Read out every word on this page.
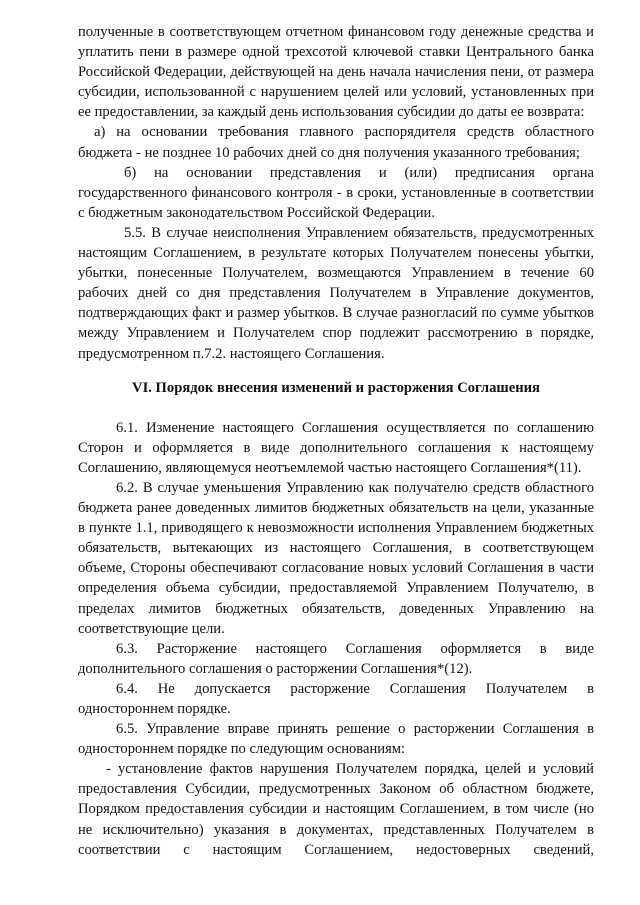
полученные в соответствующем отчетном финансовом году денежные средства и уплатить пени в размере одной трехсотой ключевой ставки Центрального банка Российской Федерации, действующей на день начала начисления пени, от размера субсидии, использованной с нарушением целей или условий, установленных при ее предоставлении, за каждый день использования субсидии до даты ее возврата:

а) на основании требования главного распорядителя средств областного бюджета - не позднее 10 рабочих дней со дня получения указанного требования;

б) на основании представления и (или) предписания органа государственного финансового контроля - в сроки, установленные в соответствии с бюджетным законодательством Российской Федерации.

5.5. В случае неисполнения Управлением обязательств, предусмотренных настоящим Соглашением, в результате которых Получателем понесены убытки, убытки, понесенные Получателем, возмещаются Управлением в течение 60 рабочих дней со дня представления Получателем в Управление документов, подтверждающих факт и размер убытков. В случае разногласий по сумме убытков между Управлением и Получателем спор подлежит рассмотрению в порядке, предусмотренном п.7.2. настоящего Соглашения.

VI. Порядок внесения изменений и расторжения Соглашения

6.1. Изменение настоящего Соглашения осуществляется по соглашению Сторон и оформляется в виде дополнительного соглашения к настоящему Соглашению, являющемуся неотъемлемой частью настоящего Соглашения*(11).

6.2. В случае уменьшения Управлению как получателю средств областного бюджета ранее доведенных лимитов бюджетных обязательств на цели, указанные в пункте 1.1, приводящего к невозможности исполнения Управлением бюджетных обязательств, вытекающих из настоящего Соглашения, в соответствующем объеме, Стороны обеспечивают согласование новых условий Соглашения в части определения объема субсидии, предоставляемой Управлением Получателю, в пределах лимитов бюджетных обязательств, доведенных Управлению на соответствующие цели.

6.3. Расторжение настоящего Соглашения оформляется в виде дополнительного соглашения о расторжении Соглашения*(12).

6.4. Не допускается расторжение Соглашения Получателем в одностороннем порядке.

6.5. Управление вправе принять решение о расторжении Соглашения в одностороннем порядке по следующим основаниям:

- установление фактов нарушения Получателем порядка, целей и условий предоставления Субсидии, предусмотренных Законом об областном бюджете, Порядком предоставления субсидии и настоящим Соглашением, в том числе (но не исключительно) указания в документах, представленных Получателем в соответствии с настоящим Соглашением, недостоверных сведений,
